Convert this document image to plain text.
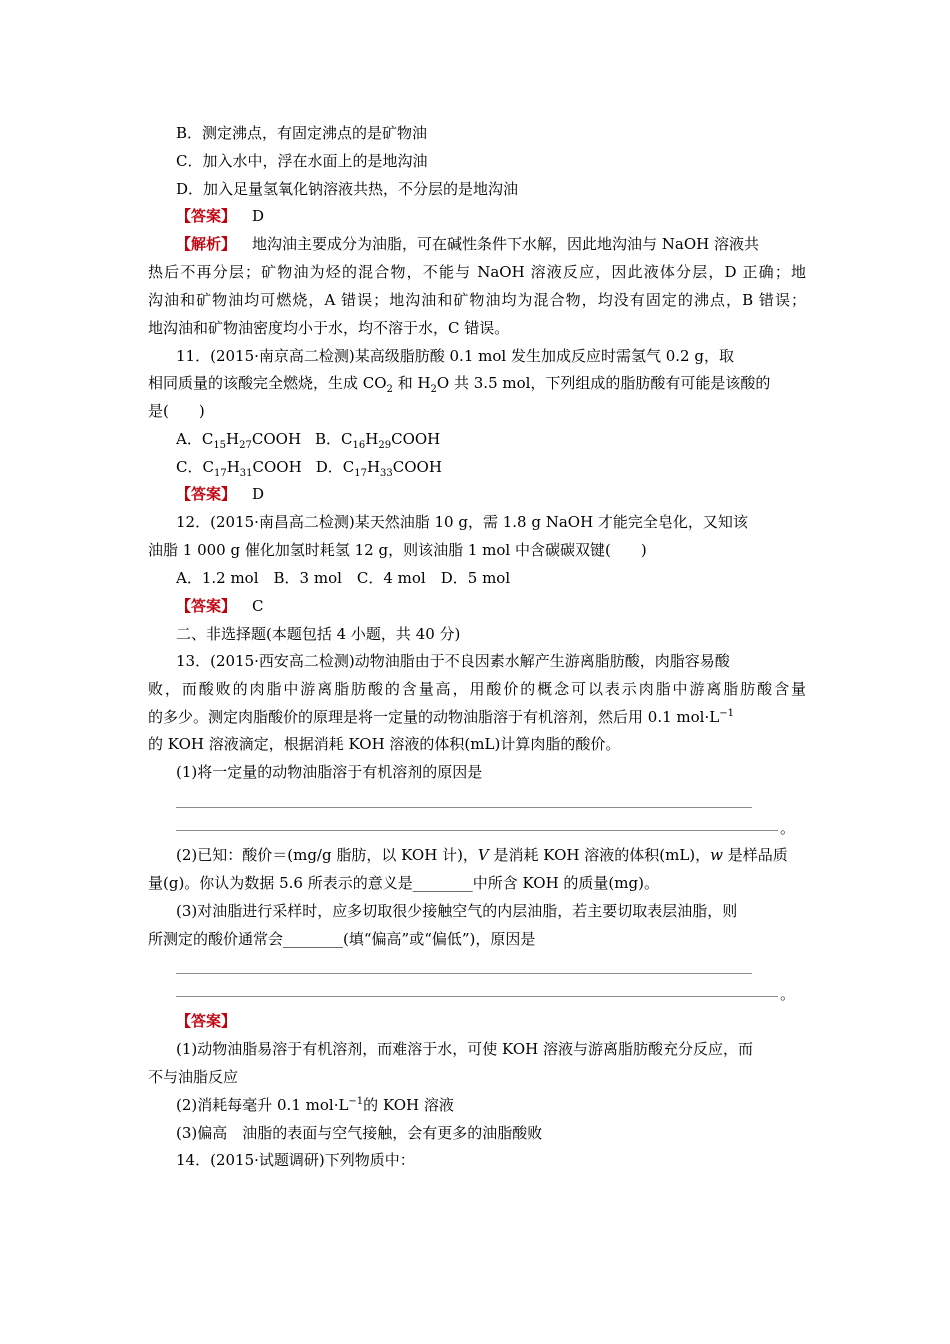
B．测定沸点，有固定沸点的是矿物油
C．加入水中，浮在水面上的是地沟油
D．加入足量氢氧化钠溶液共热，不分层的是地沟油
【答案】 D
【解析】 地沟油主要成分为油脂，可在碱性条件下水解，因此地沟油与 NaOH 溶液共
热后不再分层；矿物油为烃的混合物，不能与 NaOH 溶液反应，因此液体分层，D 正确；地
沟油和矿物油均可燃烧，A 错误；地沟油和矿物油均为混合物，均没有固定的沸点，B 错误；
地沟油和矿物油密度均小于水，均不溶于水，C 错误。
11．(2015·南京高二检测)某高级脂肪酸 0.1 mol 发生加成反应时需氢气 0.2 g，取
相同质量的该酸完全燃烧，生成 $CO_2$ 和 $H_2O$ 共 3.5 mol，下列组成的脂肪酸有可能是该酸的
是(　　)
A．$C_{15}H_{27}COOH$ B．$C_{16}H_{29}COOH$
C．$C_{17}H_{31}COOH$ D．$C_{17}H_{33}COOH$
【答案】 D
12．(2015·南昌高二检测)某天然油脂 10 g，需 1.8 g NaOH 才能完全皂化，又知该
油脂 1 000 g 催化加氢时耗氢 12 g，则该油脂 1 mol 中含碳碳双键(　　)
A．1.2 mol　B．3 mol　C．4 mol　D．5 mol
【答案】 C
二、非选择题(本题包括 4 小题，共 40 分)
13．(2015·西安高二检测)动物油脂由于不良因素水解产生游离脂肪酸，肉脂容易酸
败，而酸败的肉脂中游离脂肪酸的含量高，用酸价的概念可以表示肉脂中游离脂肪酸含量
的多少。测定肉脂酸价的原理是将一定量的动物油脂溶于有机溶剂，然后用 0.1 $mol\cdot L^{-1}$
的 KOH 溶液滴定，根据消耗 KOH 溶液的体积(mL)计算肉脂的酸价。
(1)将一定量的动物油脂溶于有机溶剂的原因是
。
(2)已知：酸价＝(mg/g 脂肪，以 KOH 计)，V 是消耗 KOH 溶液的体积(mL)，w 是样品质
量(g)。你认为数据 5.6 所表示的意义是________中所含 KOH 的质量(mg)。
(3)对油脂进行采样时，应多切取很少接触空气的内层油脂，若主要切取表层油脂，则
所测定的酸价通常会________(填“偏高”或“偏低”)，原因是
。
【答案】
(1)动物油脂易溶于有机溶剂，而难溶于水，可使 KOH 溶液与游离脂肪酸充分反应，而
不与油脂反应
(2)消耗每毫升 0.1 $mol\cdot L^{-1}$的 KOH 溶液
(3)偏高　油脂的表面与空气接触，会有更多的油脂酸败
14．(2015·试题调研)下列物质中：
